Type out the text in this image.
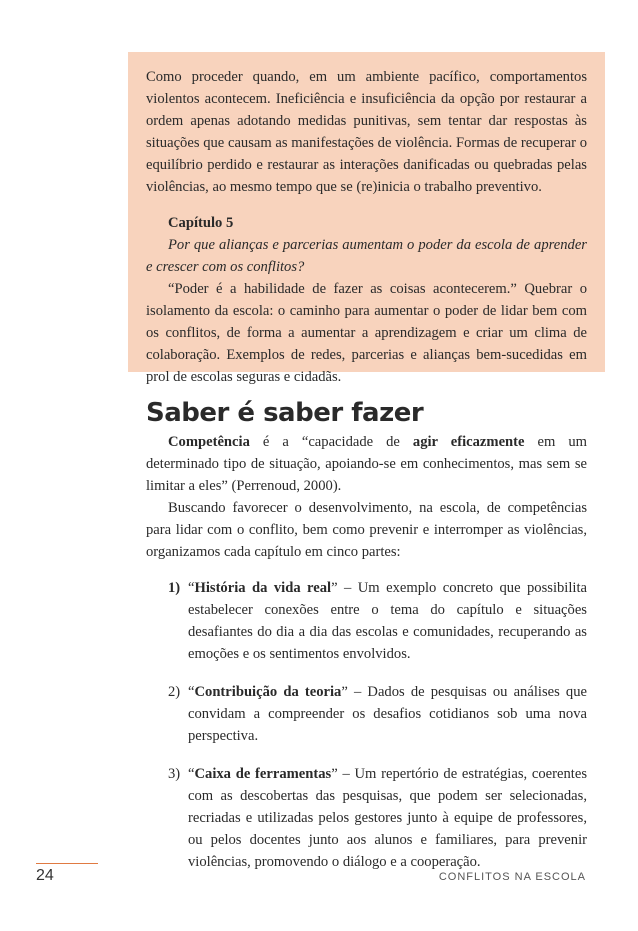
Como proceder quando, em um ambiente pacífico, comportamentos violentos acontecem. Ineficiência e insuficiência da opção por restaurar a ordem apenas adotando medidas punitivas, sem tentar dar respostas às situações que causam as manifestações de violência. Formas de recuperar o equilíbrio perdido e restaurar as interações danificadas ou quebradas pelas violências, ao mesmo tempo que se (re)inicia o trabalho preventivo.

Capítulo 5

Por que alianças e parcerias aumentam o poder da escola de aprender e crescer com os conflitos?

“Poder é a habilidade de fazer as coisas acontecerem.” Quebrar o isolamento da escola: o caminho para aumentar o poder de lidar bem com os conflitos, de forma a aumentar a aprendizagem e criar um clima de colaboração. Exemplos de redes, parcerias e alianças bem-sucedidas em prol de escolas seguras e cidadãs.

Saber é saber fazer

Competência é a “capacidade de agir eficazmente em um determinado tipo de situação, apoiando-se em conhecimentos, mas sem se limitar a eles” (Perrenoud, 2000).

Buscando favorecer o desenvolvimento, na escola, de competências para lidar com o conflito, bem como prevenir e interromper as violências, organizamos cada capítulo em cinco partes:

1) “História da vida real” – Um exemplo concreto que possibilita estabelecer conexões entre o tema do capítulo e situações desafiantes do dia a dia das escolas e comunidades, recuperando as emoções e os sentimentos envolvidos.
2) “Contribuição da teoria” – Dados de pesquisas ou análises que convidam a compreender os desafios cotidianos sob uma nova perspectiva.
3) “Caixa de ferramentas” – Um repertório de estratégias, coerentes com as descobertas das pesquisas, que podem ser selecionadas, recriadas e utilizadas pelos gestores junto à equipe de professores, ou pelos docentes junto aos alunos e familiares, para prevenir violências, promovendo o diálogo e a cooperação.
24	CONFLITOS NA ESCOLA
